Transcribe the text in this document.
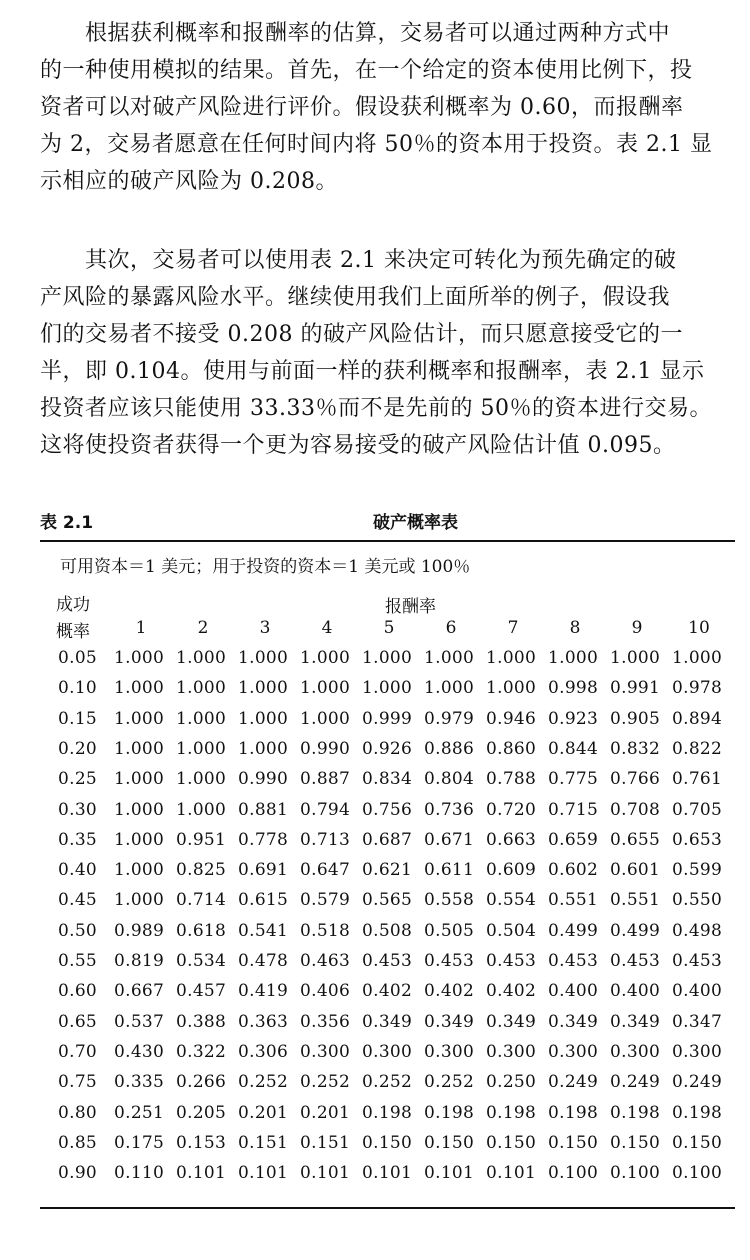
　　根据获利概率和报酬率的估算，交易者可以通过两种方式中
的一种使用模拟的结果。首先，在一个给定的资本使用比例下，投
资者可以对破产风险进行评价。假设获利概率为 0.60，而报酬率
为 2，交易者愿意在任何时间内将 50％的资本用于投资。表 2.1 显
示相应的破产风险为 0.208。
　　其次，交易者可以使用表 2.1 来决定可转化为预先确定的破
产风险的暴露风险水平。继续使用我们上面所举的例子，假设我
们的交易者不接受 0.208 的破产风险估计，而只愿意接受它的一
半，即 0.104。使用与前面一样的获利概率和报酬率，表 2.1 显示
投资者应该只能使用 33.33％而不是先前的 50％的资本进行交易。
这将使投资者获得一个更为容易接受的破产风险估计值 0.095。
表 2.1	破产概率表
可用资本＝1 美元；用于投资的资本＝1 美元或 100％
成功
概率
报酬率
1	2	3	4	5	6	7	8	9	10
0.05 1.000 1.000 1.000 1.000 1.000 1.000 1.000 1.000 1.000 1.000
0.10 1.000 1.000 1.000 1.000 1.000 1.000 1.000 0.998 0.991 0.978
0.15 1.000 1.000 1.000 1.000 0.999 0.979 0.946 0.923 0.905 0.894
0.20 1.000 1.000 1.000 0.990 0.926 0.886 0.860 0.844 0.832 0.822
0.25 1.000 1.000 0.990 0.887 0.834 0.804 0.788 0.775 0.766 0.761
0.30 1.000 1.000 0.881 0.794 0.756 0.736 0.720 0.715 0.708 0.705
0.35 1.000 0.951 0.778 0.713 0.687 0.671 0.663 0.659 0.655 0.653
0.40 1.000 0.825 0.691 0.647 0.621 0.611 0.609 0.602 0.601 0.599
0.45 1.000 0.714 0.615 0.579 0.565 0.558 0.554 0.551 0.551 0.550
0.50 0.989 0.618 0.541 0.518 0.508 0.505 0.504 0.499 0.499 0.498
0.55 0.819 0.534 0.478 0.463 0.453 0.453 0.453 0.453 0.453 0.453
0.60 0.667 0.457 0.419 0.406 0.402 0.402 0.402 0.400 0.400 0.400
0.65 0.537 0.388 0.363 0.356 0.349 0.349 0.349 0.349 0.349 0.347
0.70 0.430 0.322 0.306 0.300 0.300 0.300 0.300 0.300 0.300 0.300
0.75 0.335 0.266 0.252 0.252 0.252 0.252 0.250 0.249 0.249 0.249
0.80 0.251 0.205 0.201 0.201 0.198 0.198 0.198 0.198 0.198 0.198
0.85 0.175 0.153 0.151 0.151 0.150 0.150 0.150 0.150 0.150 0.150
0.90 0.110 0.101 0.101 0.101 0.101 0.101 0.101 0.100 0.100 0.100
